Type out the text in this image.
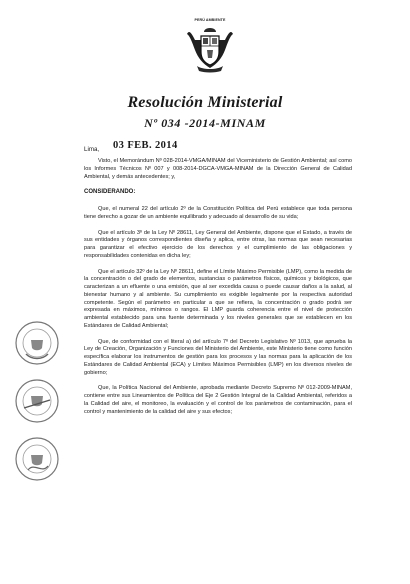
PERÚ AMBIENTE
Resolución Ministerial
Nº 034 -2014-MINAM
Lima, 03 FEB. 2014

Visto, el Memorándum Nº 028-2014-VMGA/MINAM del Viceministerio de Gestión Ambiental; así como los Informes Técnicos Nº 007 y 008-2014-DGCA-VMGA-MINAM de la Dirección General de Calidad Ambiental, y demás antecedentes; y,

CONSIDERANDO:

Que, el numeral 22 del artículo 2º de la Constitución Política del Perú establece que toda persona tiene derecho a gozar de un ambiente equilibrado y adecuado al desarrollo de su vida;

Que el artículo 3º de la Ley Nº 28611, Ley General del Ambiente, dispone que el Estado, a través de sus entidades y órganos correspondientes diseña y aplica, entre otras, las normas que sean necesarias para garantizar el efectivo ejercicio de los derechos y el cumplimiento de las obligaciones y responsabilidades contenidas en dicha ley;

Que el artículo 32º de la Ley Nº 28611, define el Límite Máximo Permisible (LMP), como la medida de la concentración o del grado de elementos, sustancias o parámetros físicos, químicos y biológicos, que caracterizan a un efluente o una emisión, que al ser excedida causa o puede causar daños a la salud, al bienestar humano y al ambiente. Su cumplimiento es exigible legalmente por la respectiva autoridad competente. Según el parámetro en particular a que se refiera, la concentración o grado podrá ser expresada en máximos, mínimos o rangos. El LMP guarda coherencia entre el nivel de protección ambiental establecido para una fuente determinada y los niveles generales que se establecen en los Estándares de Calidad Ambiental;

Que, de conformidad con el literal a) del artículo 7º del Decreto Legislativo Nº 1013, que aprueba la Ley de Creación, Organización y Funciones del Ministerio del Ambiente, este Ministerio tiene como función específica elaborar los instrumentos de gestión para los procesos y las normas para la aplicación de los Estándares de Calidad Ambiental (ECA) y Límites Máximos Permisibles (LMP) en los diversos niveles de gobierno;

Que, la Política Nacional del Ambiente, aprobada mediante Decreto Supremo Nº 012-2009-MINAM, contiene entre sus Lineamientos de Política del Eje 2 Gestión Integral de la Calidad Ambiental, referidos a la Calidad del aire, el monitoreo, la evaluación y el control de los parámetros de contaminación, para el control y mantenimiento de la calidad del aire y sus efectos;
